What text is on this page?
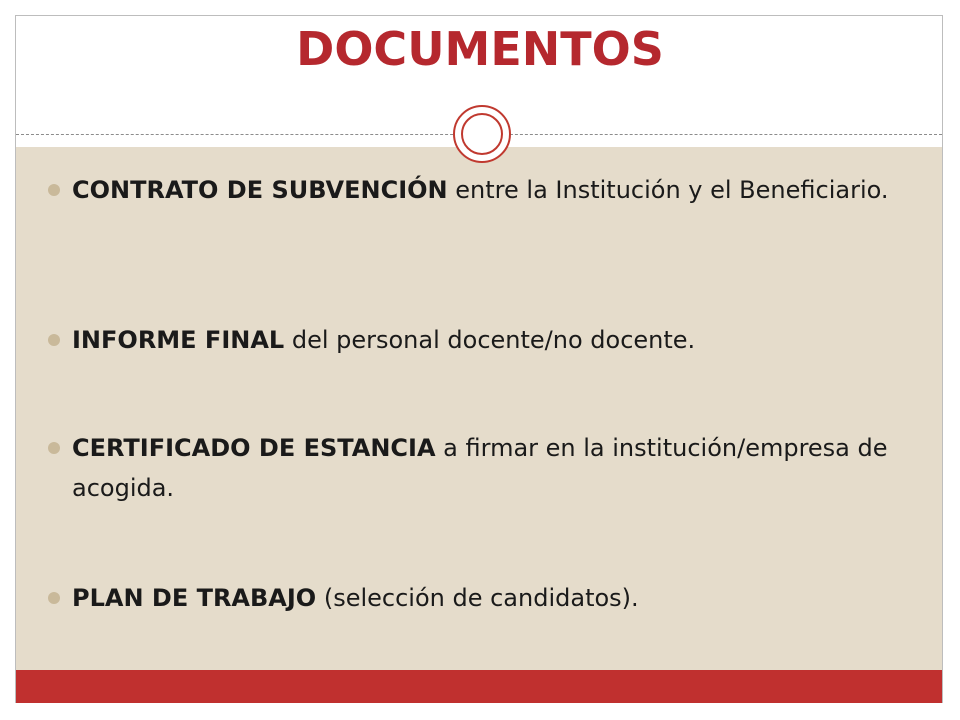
DOCUMENTOS
CONTRATO DE SUBVENCIÓN entre la Institución y el Beneficiario.
INFORME FINAL del personal docente/no docente.
CERTIFICADO DE ESTANCIA a firmar en la institución/empresa de acogida.
PLAN DE TRABAJO (selección de candidatos).
